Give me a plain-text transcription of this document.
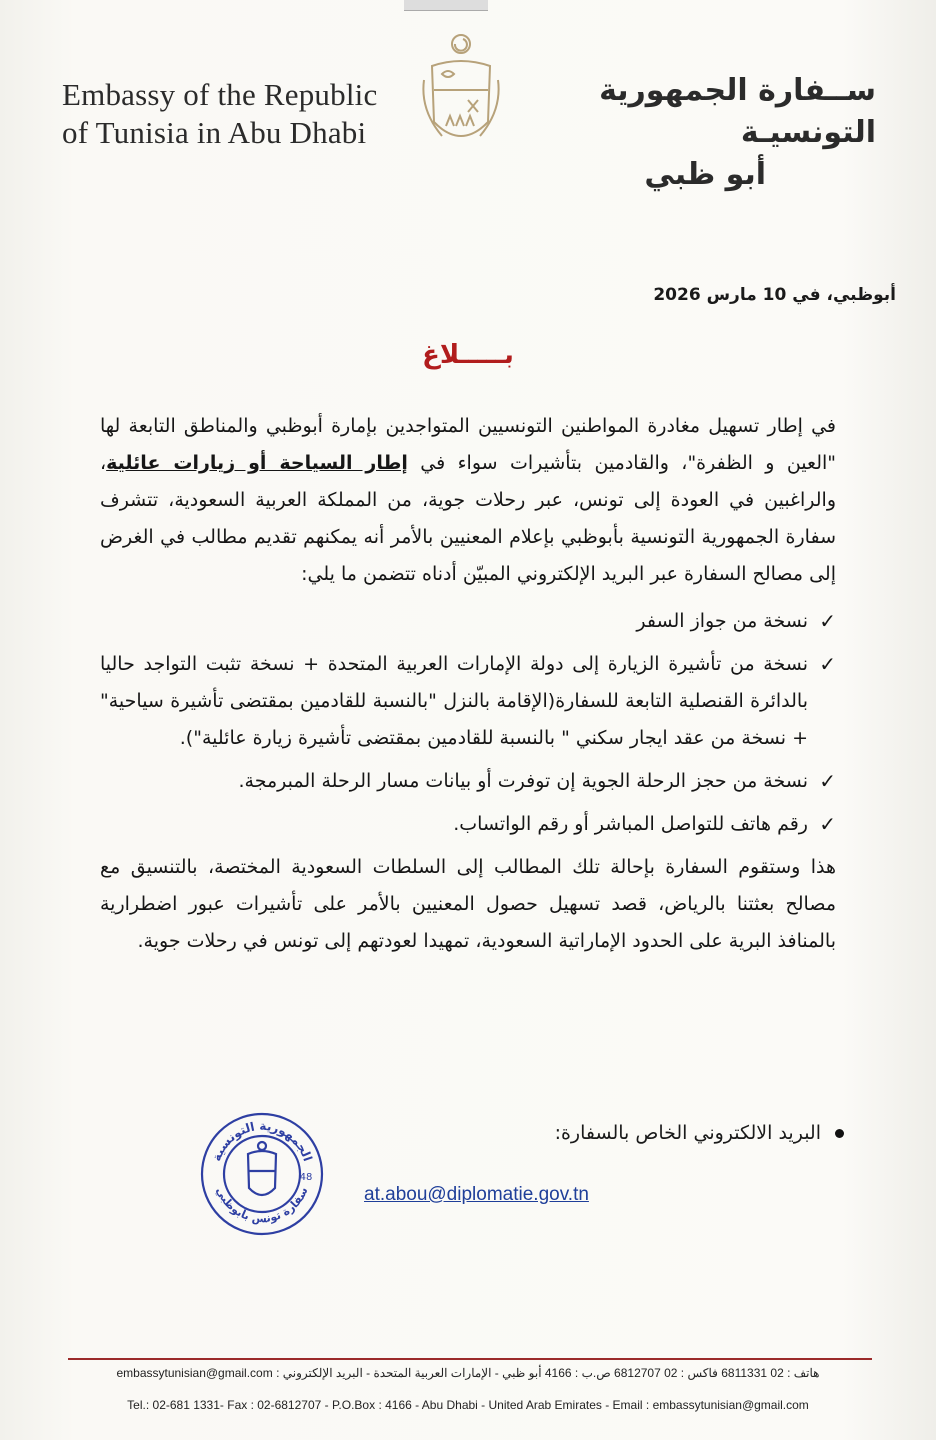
Embassy of the Republic
of Tunisia in Abu Dhabi
ســفارة الجمهورية التونسيـة
أبو ظبي
أبوظبي، في 10 مارس 2026
بـــــلاغ

في إطار تسهيل مغادرة المواطنين التونسيين المتواجدين بإمارة أبوظبي والمناطق التابعة لها "العين و الظفرة"، والقادمين بتأشيرات سواء في إطار السياحة أو زيارات عائلية، والراغبين في العودة إلى تونس، عبر رحلات جوية، من المملكة العربية السعودية، تتشرف سفارة الجمهورية التونسية بأبوظبي بإعلام المعنيين بالأمر أنه يمكنهم تقديم مطالب في الغرض إلى مصالح السفارة عبر البريد الإلكتروني المبيّن أدناه تتضمن ما يلي:

✓
نسخة من جواز السفر
✓
نسخة من تأشيرة الزيارة إلى دولة الإمارات العربية المتحدة + نسخة تثبت التواجد حاليا بالدائرة القنصلية التابعة للسفارة(الإقامة بالنزل "بالنسبة للقادمين بمقتضى تأشيرة سياحية" + نسخة من عقد ايجار سكني " بالنسبة للقادمين بمقتضى تأشيرة زيارة عائلية").
✓
نسخة من حجز الرحلة الجوية إن توفرت أو بيانات مسار الرحلة المبرمجة.
✓
رقم هاتف للتواصل المباشر أو رقم الواتساب.

هذا وستقوم السفارة بإحالة تلك المطالب إلى السلطات السعودية المختصة، بالتنسيق مع مصالح بعثتنا بالرياض، قصد تسهيل حصول المعنيين بالأمر على تأشيرات عبور اضطرارية بالمنافذ البرية على الحدود الإماراتية السعودية، تمهيدا لعودتهم إلى تونس في رحلات جوية.

البريد الالكتروني الخاص بالسفارة:
الجمهورية التونسية
سفارة تونس بأبوظبي
48
at.abou@diplomatie.gov.tn
هاتف : 02 6811331 فاكس : 02 6812707 ص.ب : 4166 أبو ظبي - الإمارات العربية المتحدة - البريد الإلكتروني : embassytunisian@gmail.com
Tel.: 02-681 1331- Fax : 02-6812707 - P.O.Box : 4166 - Abu Dhabi - United Arab Emirates - Email : embassytunisian@gmail.com
